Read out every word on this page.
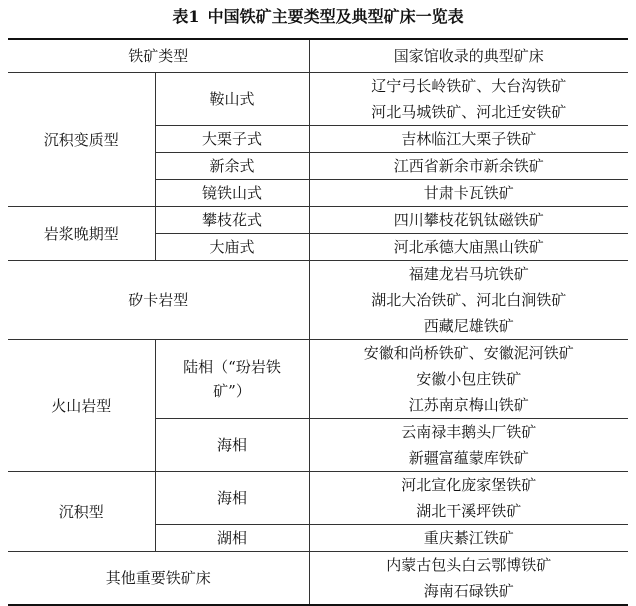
表1 中国铁矿主要类型及典型矿床一览表
铁矿类型		国家馆收录的典型矿床
沉积变质型	鞍山式	辽宁弓长岭铁矿、大台沟铁矿
		河北马城铁矿、河北迁安铁矿
	大栗子式	吉林临江大栗子铁矿
	新余式	江西省新余市新余铁矿
	镜铁山式	甘肃卡瓦铁矿
岩浆晚期型	攀枝花式	四川攀枝花钒钛磁铁矿
	大庙式	河北承德大庙黑山铁矿
矽卡岩型		福建龙岩马坑铁矿
		湖北大冶铁矿、河北白涧铁矿
		西藏尼雄铁矿
火山岩型	陆相（“玢岩铁矿”）	安徽和尚桥铁矿、安徽泥河铁矿
		安徽小包庄铁矿
		江苏南京梅山铁矿
	海相	云南禄丰鹅头厂铁矿
		新疆富蕴蒙库铁矿
沉积型	海相	河北宣化庞家堡铁矿
		湖北干溪坪铁矿
	湖相	重庆綦江铁矿
其他重要铁矿床		内蒙古包头白云鄂博铁矿
		海南石碌铁矿
